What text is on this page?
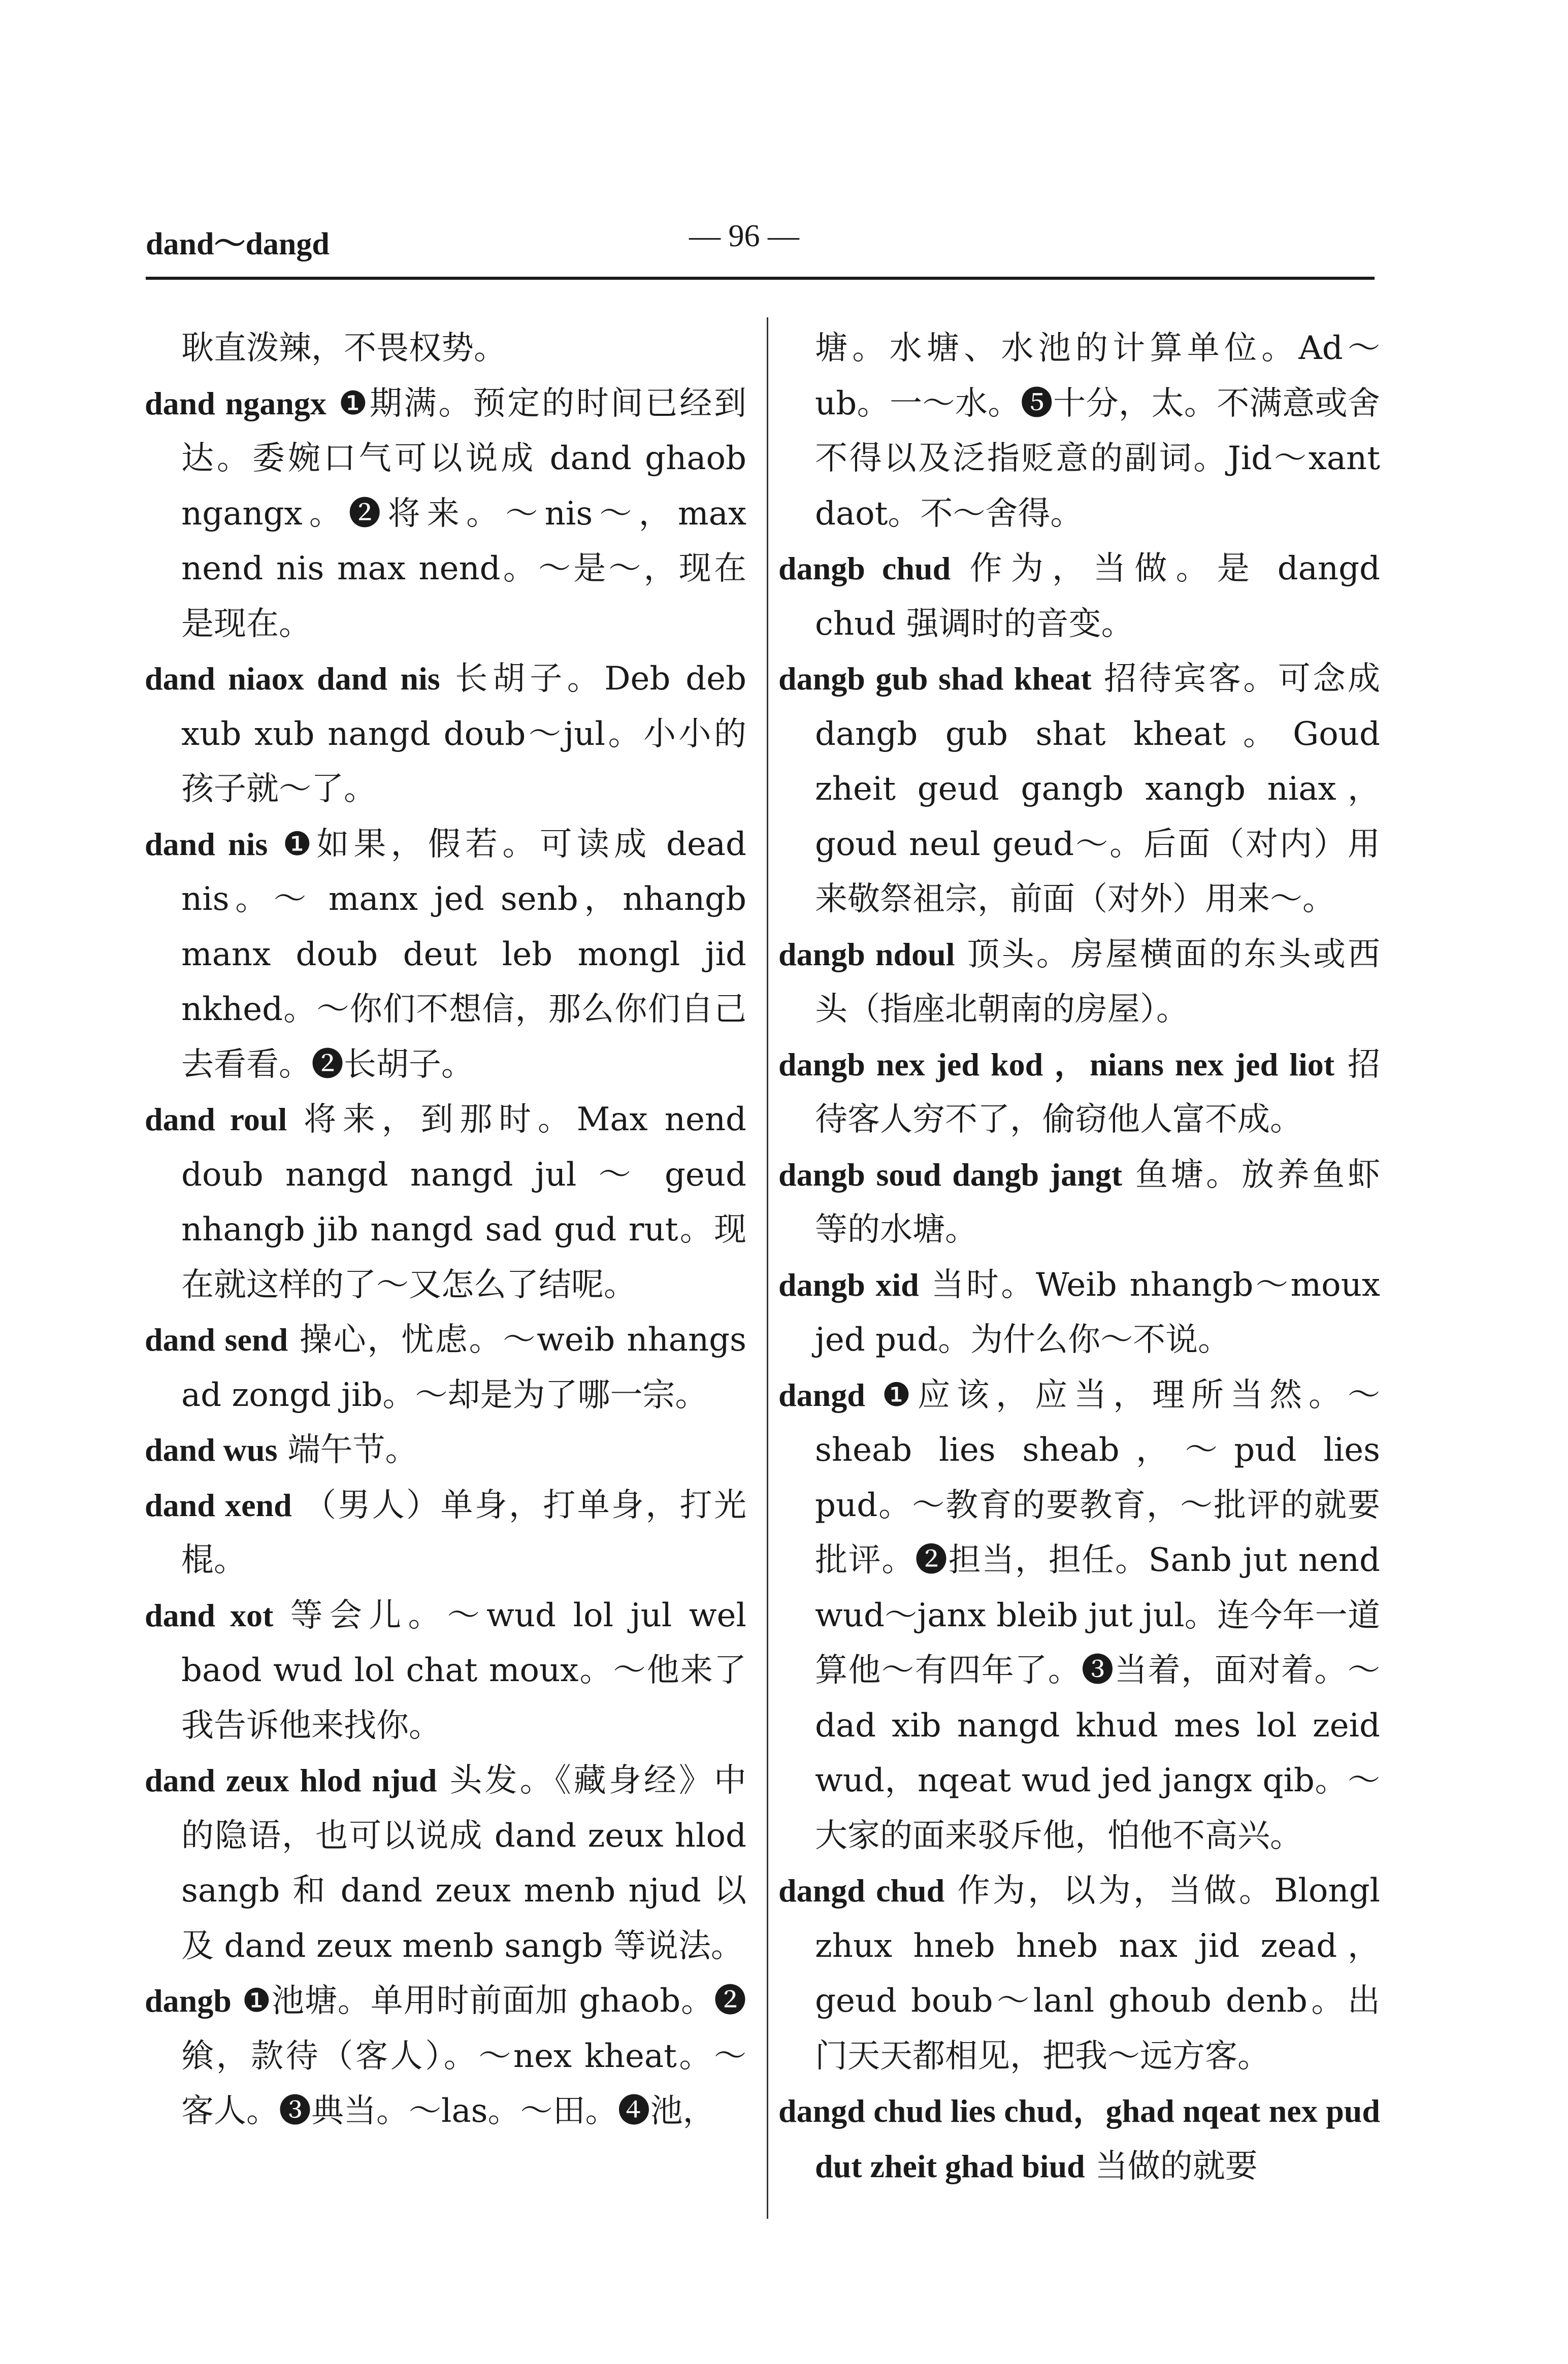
dand～dangd	— 96 —

耿直泼辣，不畏权势。

dand ngangx ❶期满。预定的时间已经到达。委婉口气可以说成 dand ghaob ngangx。❷将来。～nis～，max nend nis max nend。～是～，现在是现在。

dand niaox dand nis 长胡子。Deb deb xub xub nangd doub～jul。小小的孩子就～了。

dand nis ❶如果，假若。可读成 dead nis。～ manx jed senb，nhangb manx doub deut leb mongl jid nkhed。～你们不想信，那么你们自己去看看。❷长胡子。

dand roul 将来，到那时。Max nend doub nangd nangd jul ～ geud nhangb jib nangd sad gud rut。现在就这样的了～又怎么了结呢。

dand send 操心，忧虑。～weib nhangs ad zongd jib。～却是为了哪一宗。

dand wus 端午节。

dand xend （男人）单身，打单身，打光棍。

dand xot 等会儿。～wud lol jul wel baod wud lol chat moux。～他来了我告诉他来找你。

dand zeux hlod njud 头发。《藏身经》中的隐语，也可以说成 dand zeux hlod sangb 和 dand zeux menb njud 以及 dand zeux menb sangb 等说法。

dangb ❶池塘。单用时前面加 ghaob。❷飨，款待（客人）。～nex kheat。～客人。❸典当。～las。～田。❹池，

塘。水塘、水池的计算单位。Ad～ub。一～水。❺十分，太。不满意或舍不得以及泛指贬意的副词。Jid～xant daot。不～舍得。

dangb chud 作为，当做。是 dangd chud 强调时的音变。

dangb gub shad kheat 招待宾客。可念成 dangb gub shat kheat。Goud zheit geud gangb xangb niax，goud neul geud～。后面（对内）用来敬祭祖宗，前面（对外）用来～。

dangb ndoul 顶头。房屋横面的东头或西头（指座北朝南的房屋）。

dangb nex jed kod ，nians nex jed liot 招待客人穷不了，偷窃他人富不成。

dangb soud dangb jangt 鱼塘。放养鱼虾等的水塘。

dangb xid 当时。Weib nhangb～moux jed pud。为什么你～不说。

dangd ❶应该，应当，理所当然。～sheab lies sheab，～pud lies pud。～教育的要教育，～批评的就要批评。❷担当，担任。Sanb jut nend wud～janx bleib jut jul。连今年一道算他～有四年了。❸当着，面对着。～dad xib nangd khud mes lol zeid wud，nqeat wud jed jangx qib。～大家的面来驳斥他，怕他不高兴。

dangd chud 作为，以为，当做。Blongl zhux hneb hneb nax jid zead，geud boub～lanl ghoub denb。出门天天都相见，把我～远方客。

dangd chud lies chud，ghad nqeat nex pud dut zheit ghad biud 当做的就要
